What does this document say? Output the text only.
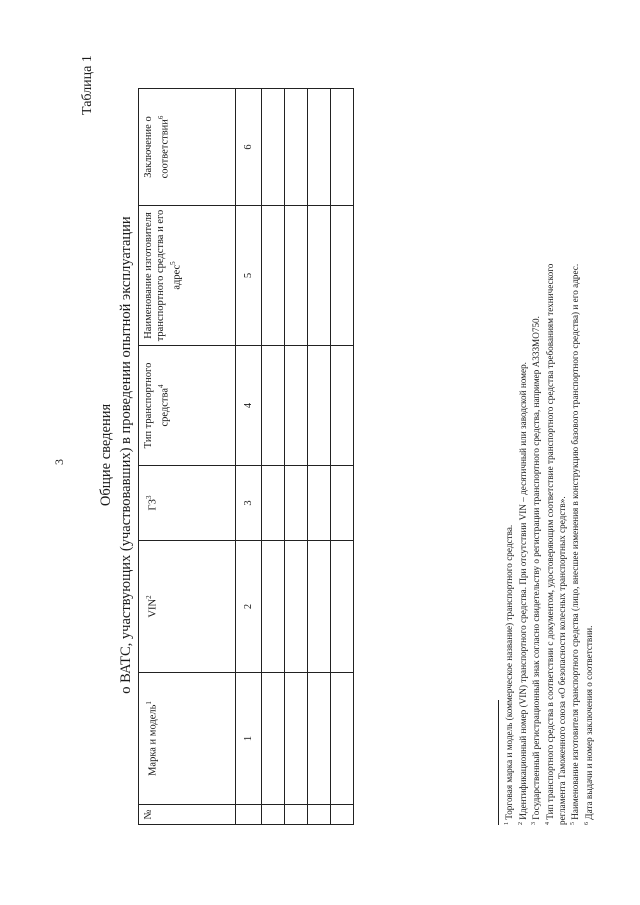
3
Таблица 1
Общие сведения о ВАТС, участвующих (участвовавших) в проведении опытной эксплуатации
№	Марка и модель$^1$	VIN$^2$	$ГЗ^3$	Тип транспортного средства$^4$	Наименование изготовителя транспортного средства и его адрес$^5$	Заключение о соответствии$^6$
	1	2	3	4	5	6

$^1$ Торговая марка и модель (коммерческое название) транспортного средства.

$^2$ Идентификационный номер (VIN) транспортного средства. При отсутствии VIN – десятичный или заводской номер.

$^3$ Государственный регистрационный знак согласно свидетельству о регистрации транспортного средства, например А333МО750.

$^4$ Тип транспортного средства в соответствии с документом, удостоверяющим соответствие транспортного средства требованиям технического регламента Таможенного союза «О безопасности колесных транспортных средств». $^5$ Наименование изготовителя транспортного средства (лицо, внесшее изменения в конструкцию базового транспортного средства) и его адрес.

$^6$ Дата выдачи и номер заключения о соответствии.
